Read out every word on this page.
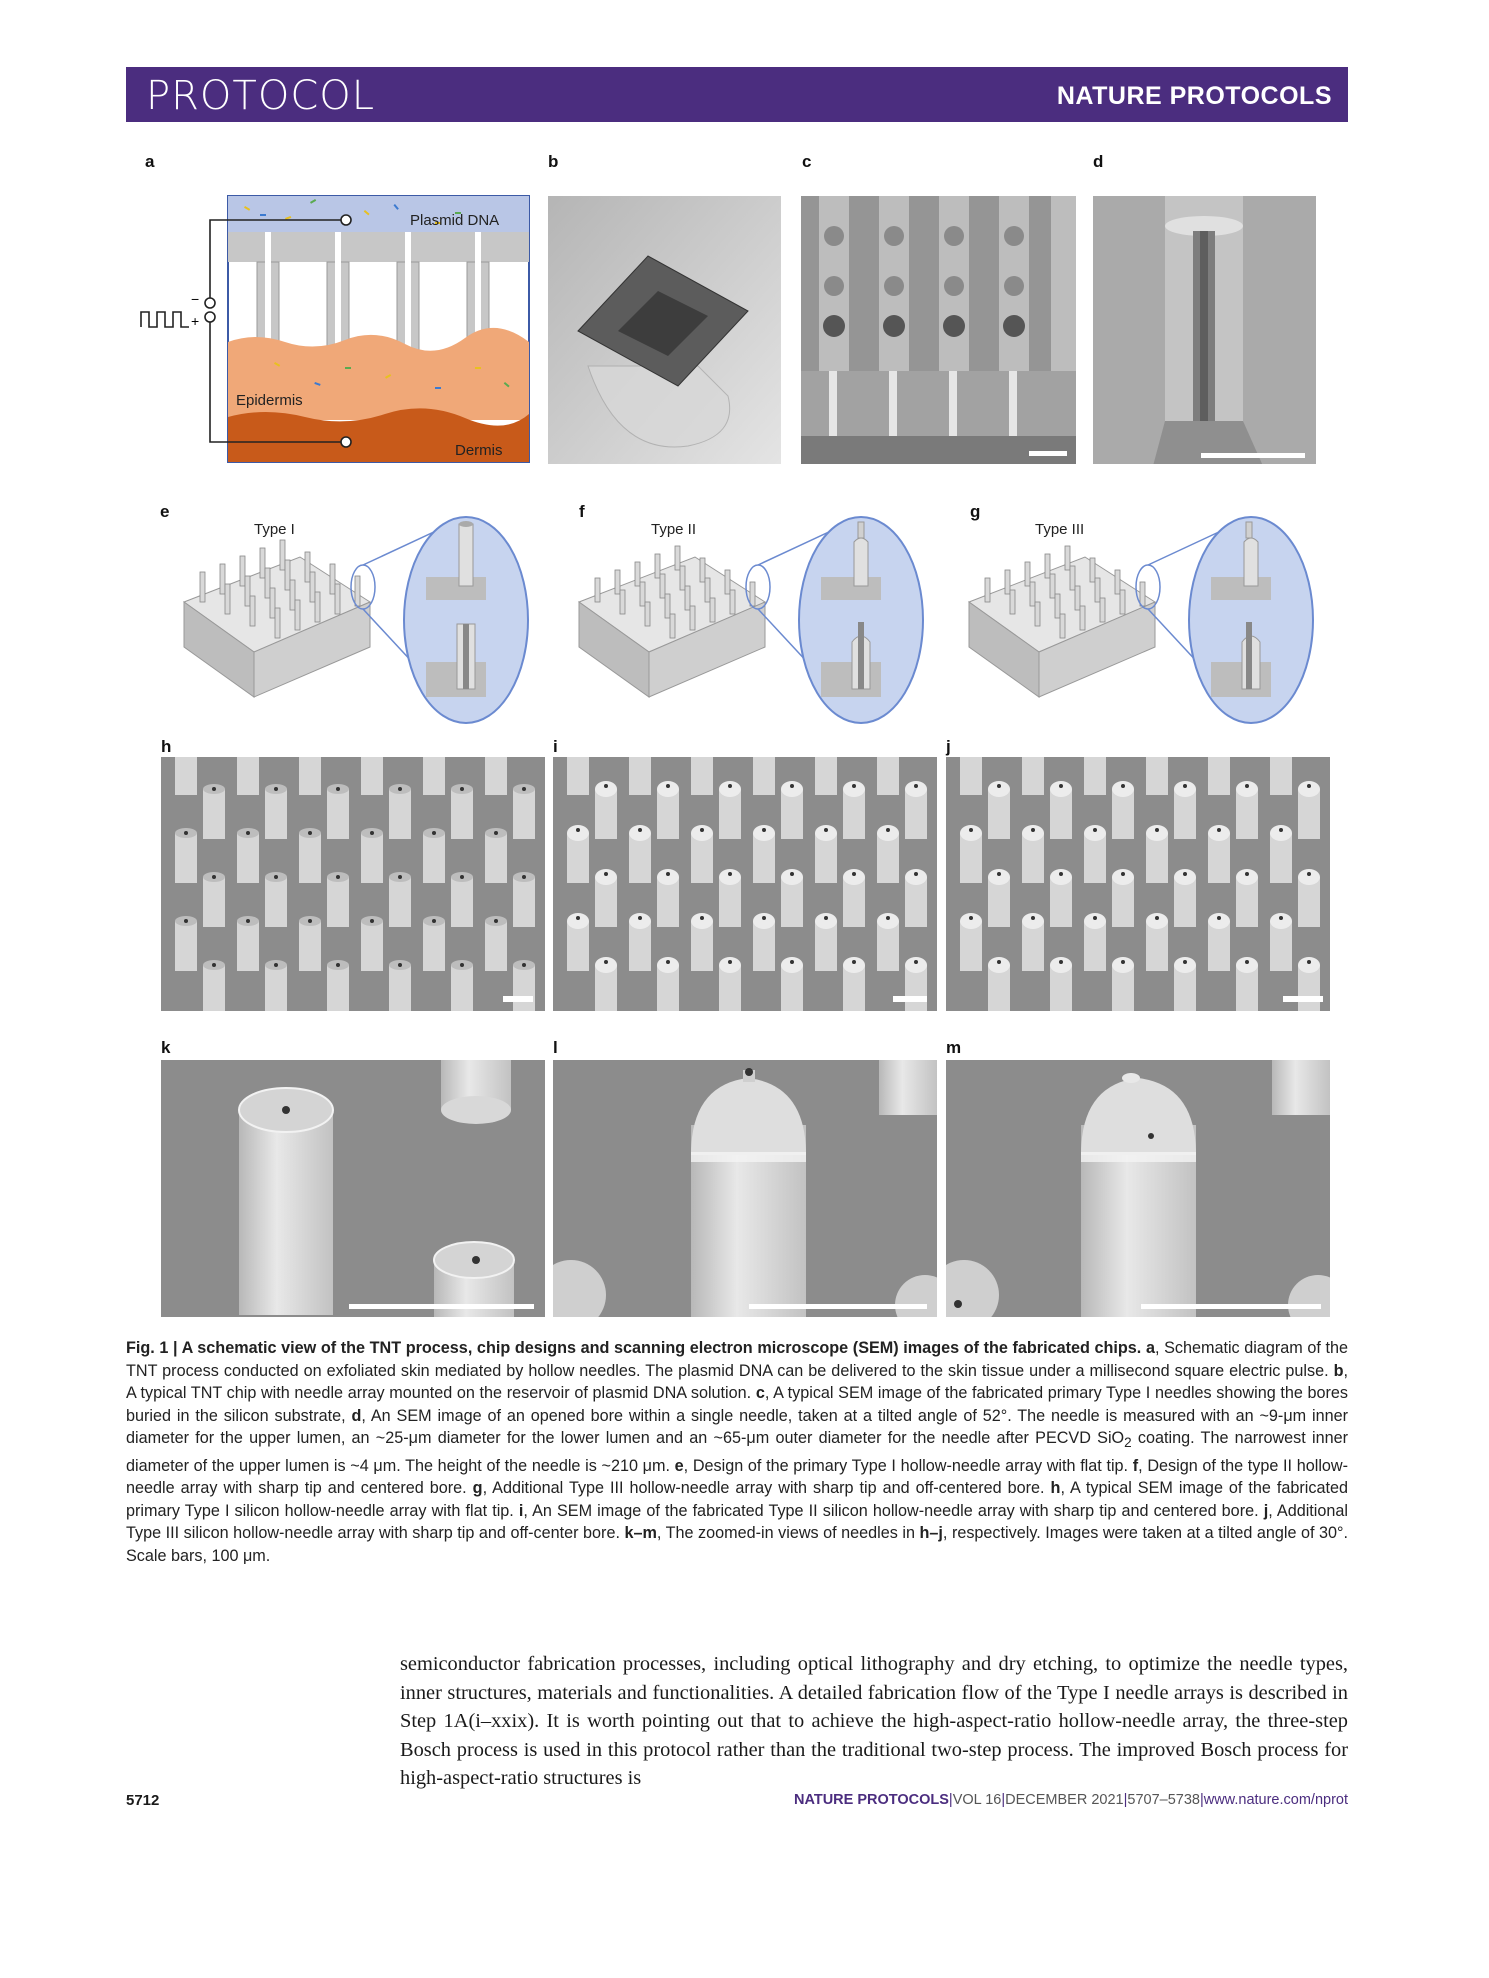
PROTOCOL	NATURE PROTOCOLS
a	b	c	d
−
+
Plasmid DNA
Epidermis
Dermis
e	f	g
Type I	Type II	Type III
h	i	j
k	l	m
Fig. 1 | A schematic view of the TNT process, chip designs and scanning electron microscope (SEM) images of the fabricated chips. a, Schematic diagram of the TNT process conducted on exfoliated skin mediated by hollow needles. The plasmid DNA can be delivered to the skin tissue under a millisecond square electric pulse. b, A typical TNT chip with needle array mounted on the reservoir of plasmid DNA solution. c, A typical SEM image of the fabricated primary Type I needles showing the bores buried in the silicon substrate, d, An SEM image of an opened bore within a single needle, taken at a tilted angle of 52°. The needle is measured with an ~9-μm inner diameter for the upper lumen, an ~25-μm diameter for the lower lumen and an ~65-μm outer diameter for the needle after PECVD SiO$_2$ coating. The narrowest inner diameter of the upper lumen is ~4 μm. The height of the needle is ~210 μm. e, Design of the primary Type I hollow-needle array with flat tip. f, Design of the type II hollow-needle array with sharp tip and centered bore. g, Additional Type III hollow-needle array with sharp tip and off-centered bore. h, A typical SEM image of the fabricated primary Type I silicon hollow-needle array with flat tip. i, An SEM image of the fabricated Type II silicon hollow-needle array with sharp tip and centered bore. j, Additional Type III silicon hollow-needle array with sharp tip and off-center bore. k–m, The zoomed-in views of needles in h–j, respectively. Images were taken at a tilted angle of 30°. Scale bars, 100 μm.
semiconductor fabrication processes, including optical lithography and dry etching, to optimize the needle types, inner structures, materials and functionalities. A detailed fabrication flow of the Type I needle arrays is described in Step 1A(i–xxix). It is worth pointing out that to achieve the high-aspect-ratio hollow-needle array, the three-step Bosch process is used in this protocol rather than the traditional two-step process. The improved Bosch process for high-aspect-ratio structures is
5712	NATURE PROTOCOLS|VOL 16|DECEMBER 2021|5707–5738|www.nature.com/nprot
